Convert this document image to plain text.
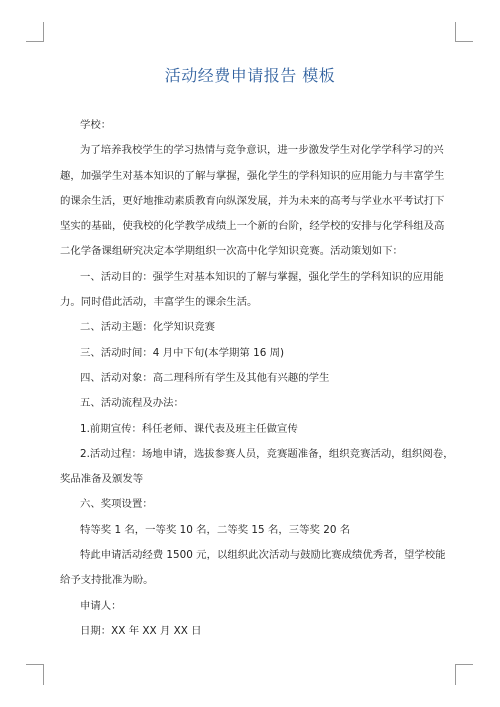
活动经费申请报告 模板

学校：

为了培养我校学生的学习热情与竞争意识，进一步激发学生对化学学科学习的兴

趣，加强学生对基本知识的了解与掌握，强化学生的学科知识的应用能力与丰富学生

的课余生活，更好地推动素质教育向纵深发展，并为未来的高考与学业水平考试打下

坚实的基础，使我校的化学教学成绩上一个新的台阶，经学校的安排与化学科组及高

二化学备课组研究决定本学期组织一次高中化学知识竞赛。活动策划如下：

一、活动目的：强学生对基本知识的了解与掌握，强化学生的学科知识的应用能

力。同时借此活动，丰富学生的课余生活。

二、活动主题：化学知识竞赛

三、活动时间：4 月中下旬(本学期第 16 周)

四、活动对象：高二理科所有学生及其他有兴趣的学生

五、活动流程及办法：

1.前期宣传：科任老师、课代表及班主任做宣传

2.活动过程：场地申请，选拔参赛人员，竞赛题准备，组织竞赛活动，组织阅卷，

奖品准备及颁发等

六、奖项设置：

特等奖 1 名，一等奖 10 名，二等奖 15 名，三等奖 20 名

特此申请活动经费 1500 元，以组织此次活动与鼓励比赛成绩优秀者，望学校能

给予支持批准为盼。

申请人：

日期：XX 年 XX 月 XX 日
